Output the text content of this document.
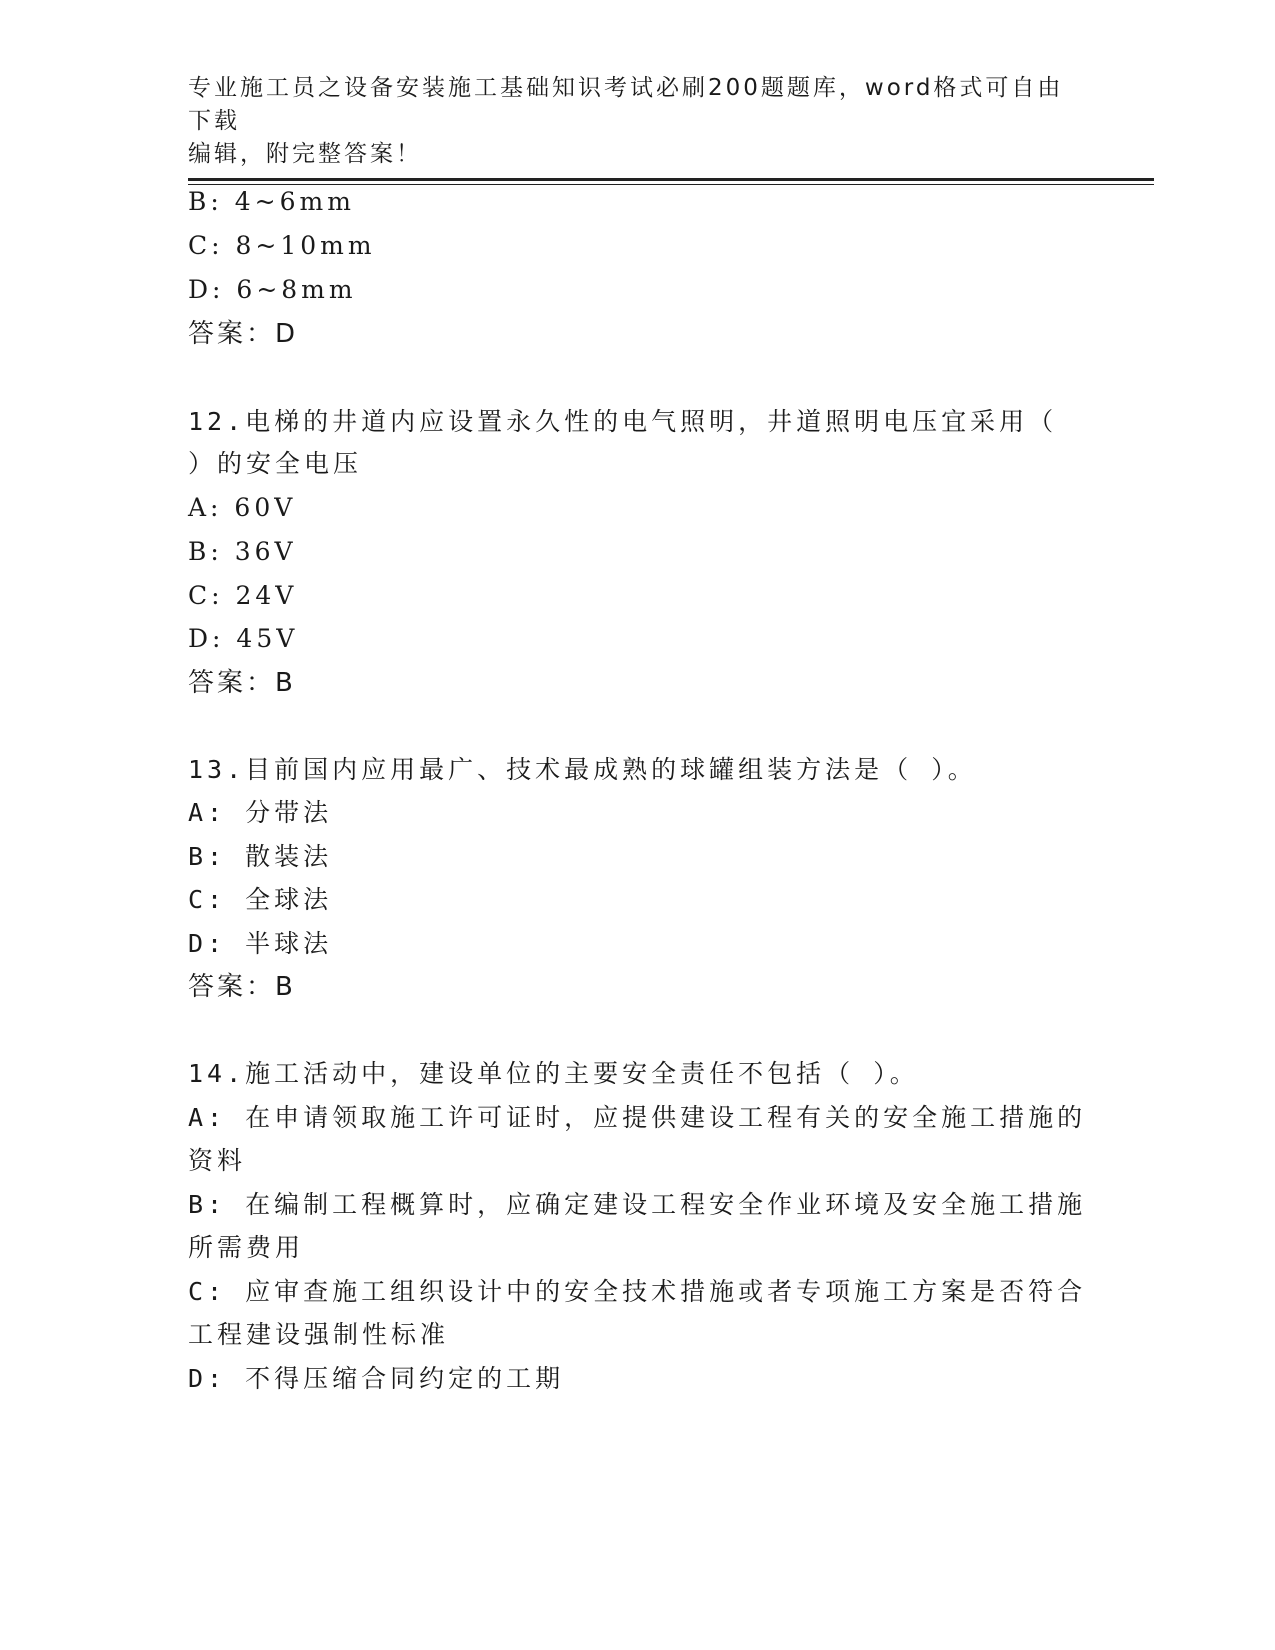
专业施工员之设备安装施工基础知识考试必刷200题题库，word格式可自由下载
编辑，附完整答案！
B: 4~6mm
C: 8~10mm
D: 6~8mm
答案：D
12.电梯的井道内应设置永久性的电气照明，井道照明电压宜采用（
）的安全电压
A: 60V
B: 36V
C: 24V
D: 45V
答案：B
13.目前国内应用最广、技术最成熟的球罐组装方法是（ ）。
A: 分带法
B: 散装法
C: 全球法
D: 半球法
答案：B
14.施工活动中，建设单位的主要安全责任不包括（ ）。
A: 在申请领取施工许可证时，应提供建设工程有关的安全施工措施的
资料
B: 在编制工程概算时，应确定建设工程安全作业环境及安全施工措施
所需费用
C: 应审查施工组织设计中的安全技术措施或者专项施工方案是否符合
工程建设强制性标准
D: 不得压缩合同约定的工期
